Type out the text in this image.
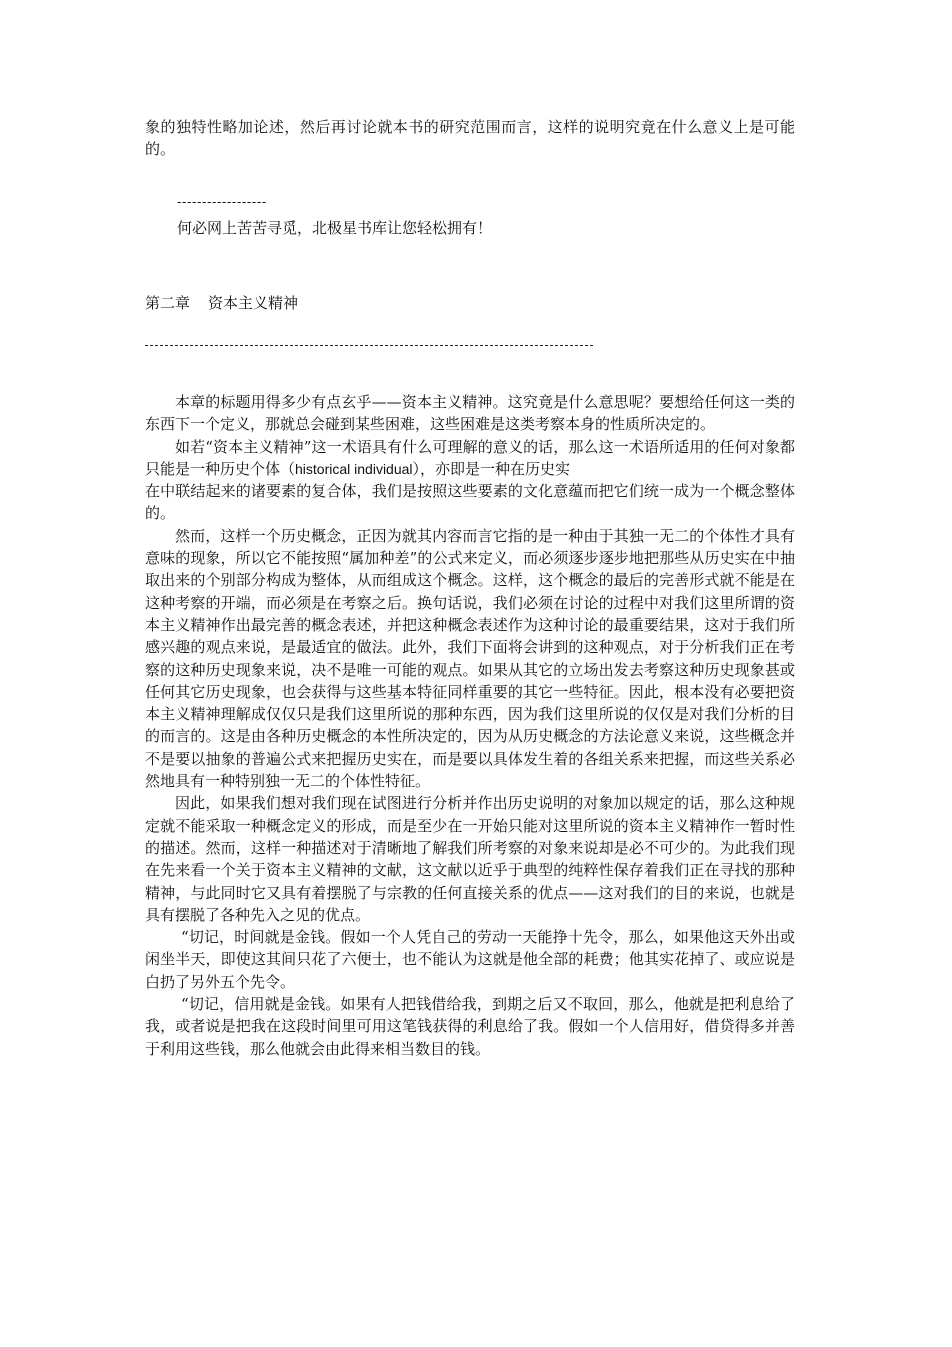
象的独特性略加论述，然后再讨论就本书的研究范围而言，这样的说明究竟在什么意义上是可能的。

------------------
何必网上苦苦寻觅，北极星书库让您轻松拥有！
第二章 资本主义精神

本章的标题用得多少有点玄乎——资本主义精神。这究竟是什么意思呢？要想给任何这一类的东西下一个定义，那就总会碰到某些困难，这些困难是这类考察本身的性质所决定的。

如若“资本主义精神”这一术语具有什么可理解的意义的话，那么这一术语所适用的任何对象都只能是一种历史个体（historical individual），亦即是一种在历史实

在中联结起来的诸要素的复合体，我们是按照这些要素的文化意蕴而把它们统一成为一个概念整体的。

然而，这样一个历史概念，正因为就其内容而言它指的是一种由于其独一无二的个体性才具有意味的现象，所以它不能按照“属加种差”的公式来定义，而必须逐步逐步地把那些从历史实在中抽取出来的个别部分构成为整体，从而组成这个概念。这样，这个概念的最后的完善形式就不能是在这种考察的开端，而必须是在考察之后。换句话说，我们必须在讨论的过程中对我们这里所谓的资本主义精神作出最完善的概念表述，并把这种概念表述作为这种讨论的最重要结果，这对于我们所感兴趣的观点来说，是最适宜的做法。此外，我们下面将会讲到的这种观点，对于分析我们正在考察的这种历史现象来说，决不是唯一可能的观点。如果从其它的立场出发去考察这种历史现象甚或任何其它历史现象，也会获得与这些基本特征同样重要的其它一些特征。因此，根本没有必要把资本主义精神理解成仅仅只是我们这里所说的那种东西，因为我们这里所说的仅仅是对我们分析的目的而言的。这是由各种历史概念的本性所决定的，因为从历史概念的方法论意义来说，这些概念并不是要以抽象的普遍公式来把握历史实在，而是要以具体发生着的各组关系来把握，而这些关系必然地具有一种特别独一无二的个体性特征。

因此，如果我们想对我们现在试图进行分析并作出历史说明的对象加以规定的话，那么这种规定就不能采取一种概念定义的形成，而是至少在一开始只能对这里所说的资本主义精神作一暂时性的描述。然而，这样一种描述对于清晰地了解我们所考察的对象来说却是必不可少的。为此我们现在先来看一个关于资本主义精神的文献，这文献以近乎于典型的纯粹性保存着我们正在寻找的那种精神，与此同时它又具有着摆脱了与宗教的任何直接关系的优点——这对我们的目的来说，也就是具有摆脱了各种先入之见的优点。

“切记，时间就是金钱。假如一个人凭自己的劳动一天能挣十先令，那么，如果他这天外出或闲坐半天，即使这其间只花了六便士，也不能认为这就是他全部的耗费；他其实花掉了、或应说是白扔了另外五个先令。

“切记，信用就是金钱。如果有人把钱借给我，到期之后又不取回，那么，他就是把利息给了我，或者说是把我在这段时间里可用这笔钱获得的利息给了我。假如一个人信用好，借贷得多并善于利用这些钱，那么他就会由此得来相当数目的钱。
